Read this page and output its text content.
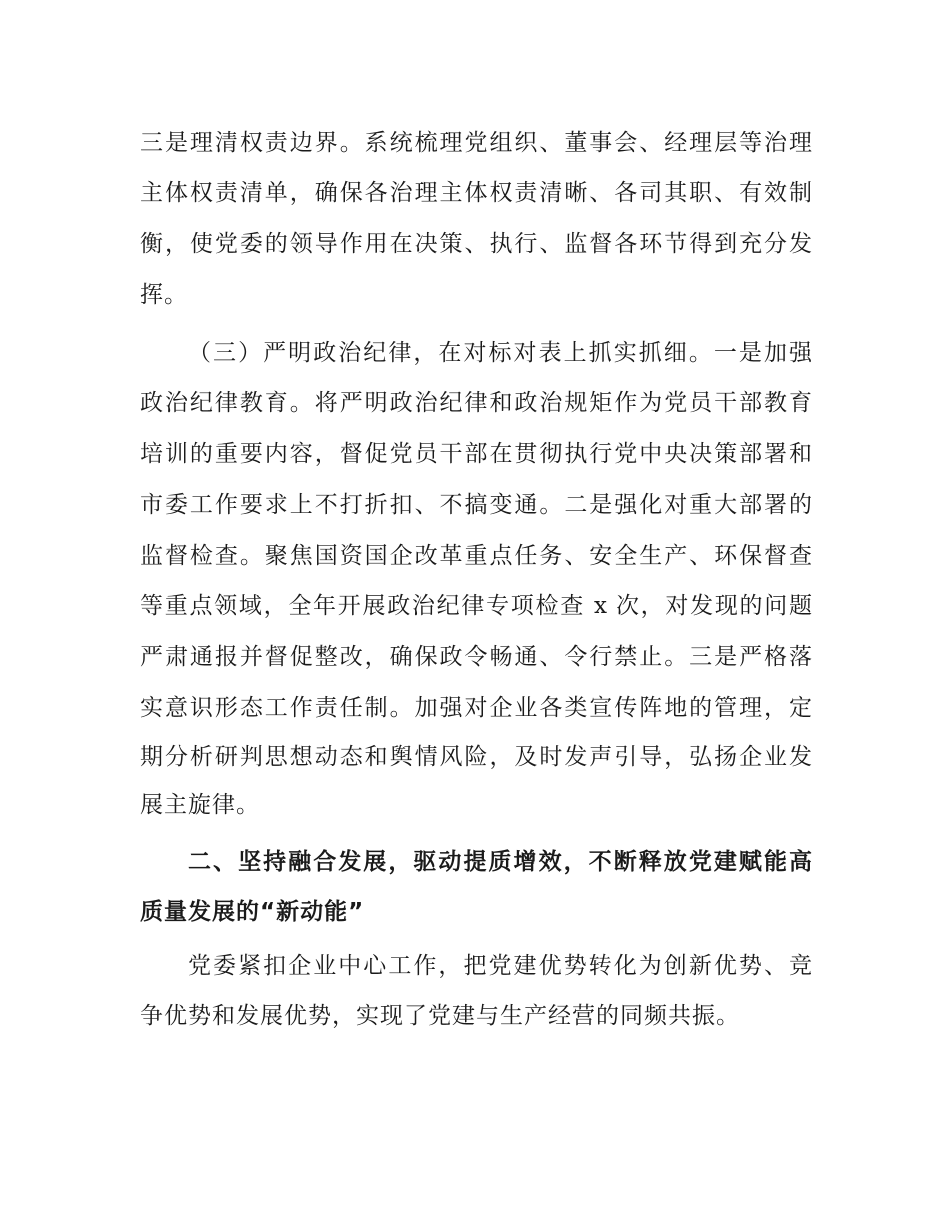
三是理清权责边界。系统梳理党组织、董事会、经理层等治理
主体权责清单，确保各治理主体权责清晰、各司其职、有效制
衡，使党委的领导作用在决策、执行、监督各环节得到充分发
挥。
（三）严明政治纪律，在对标对表上抓实抓细。一是加强
政治纪律教育。将严明政治纪律和政治规矩作为党员干部教育
培训的重要内容，督促党员干部在贯彻执行党中央决策部署和
市委工作要求上不打折扣、不搞变通。二是强化对重大部署的
监督检查。聚焦国资国企改革重点任务、安全生产、环保督查
等重点领域，全年开展政治纪律专项检查 x 次，对发现的问题
严肃通报并督促整改，确保政令畅通、令行禁止。三是严格落
实意识形态工作责任制。加强对企业各类宣传阵地的管理，定
期分析研判思想动态和舆情风险，及时发声引导，弘扬企业发
展主旋律。
二、坚持融合发展，驱动提质增效，不断释放党建赋能高
质量发展的“新动能”
党委紧扣企业中心工作，把党建优势转化为创新优势、竞
争优势和发展优势，实现了党建与生产经营的同频共振。
